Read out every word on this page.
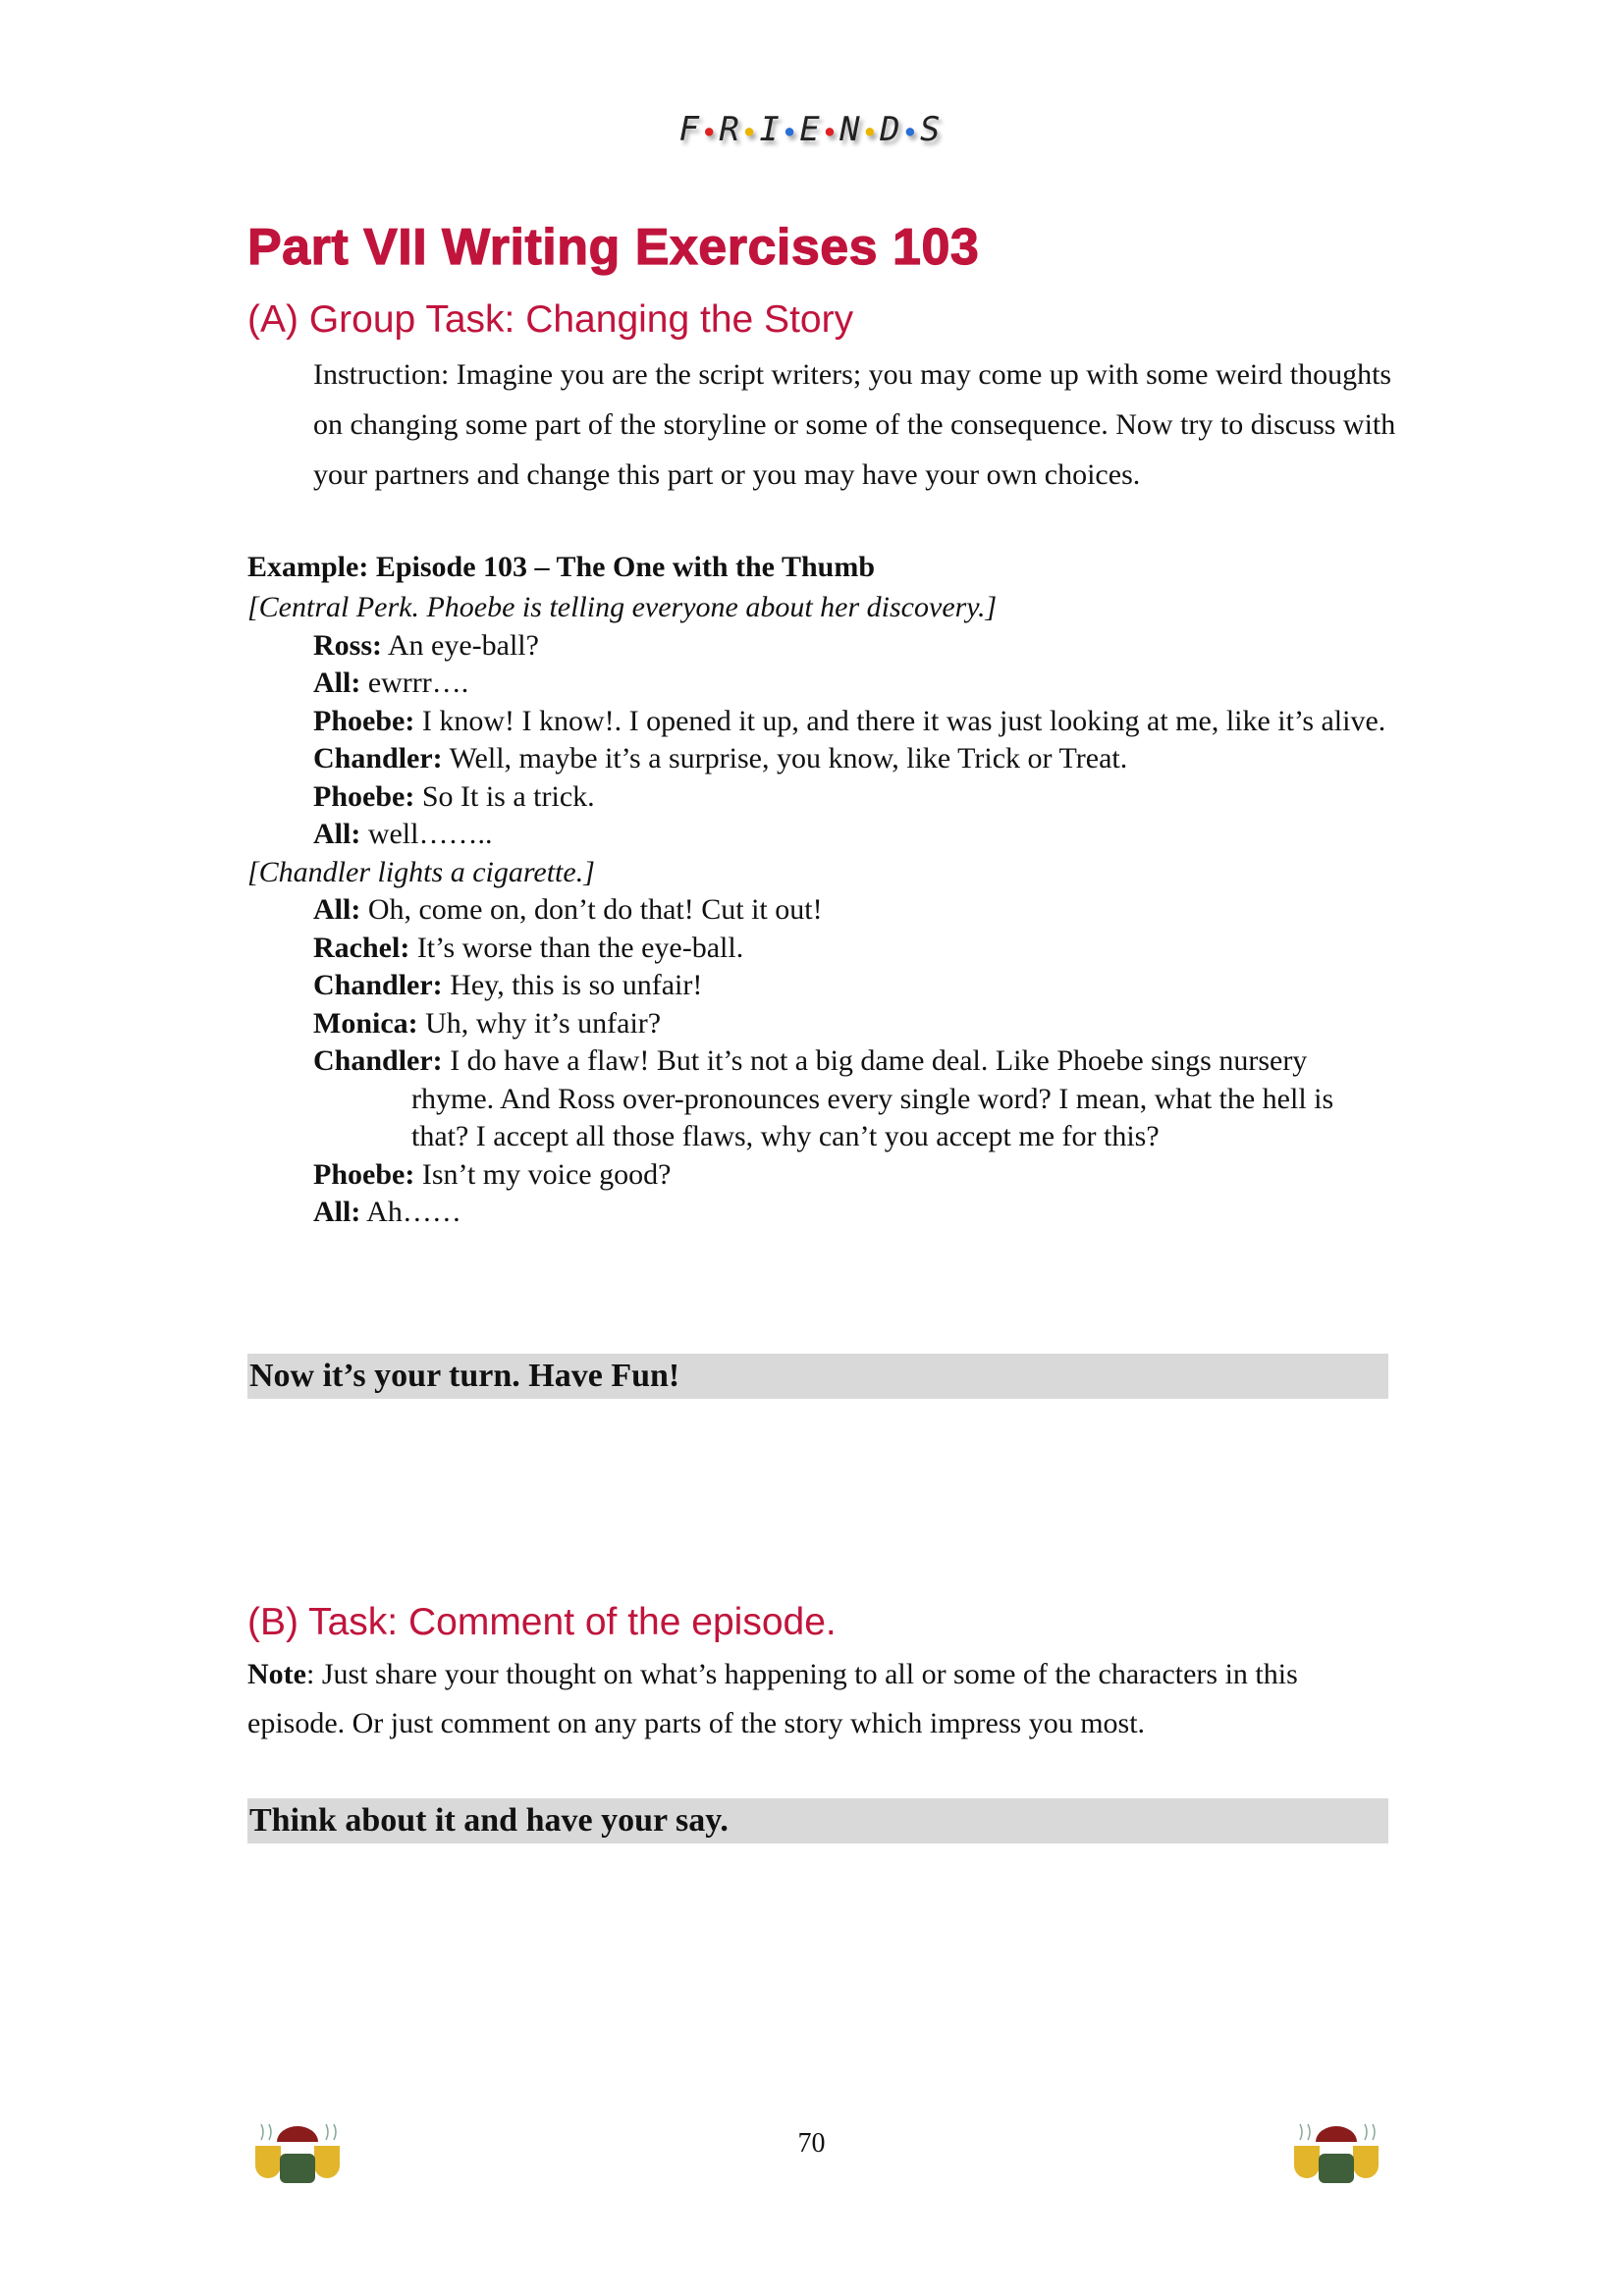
F ●R ●I ●E ●N ●D ●S
Part VII Writing Exercises 103
(A) Group Task: Changing the Story
Instruction: Imagine you are the script writers; you may come up with some weird thoughts on changing some part of the storyline or some of the consequence. Now try to discuss with your partners and change this part or you may have your own choices.
Example: Episode 103 – The One with the Thumb
[Central Perk. Phoebe is telling everyone about her discovery.]
Ross: An eye-ball?
All: ewrrr….
Phoebe: I know! I know!. I opened it up, and there it was just looking at me, like it’s alive.
Chandler: Well, maybe it’s a surprise, you know, like Trick or Treat.
Phoebe: So It is a trick.
All: well……..
[Chandler lights a cigarette.]
All: Oh, come on, don’t do that! Cut it out!
Rachel: It’s worse than the eye-ball.
Chandler: Hey, this is so unfair!
Monica: Uh, why it’s unfair?
Chandler: I do have a flaw! But it’s not a big dame deal. Like Phoebe sings nursery rhyme. And Ross over-pronounces every single word? I mean, what the hell is that? I accept all those flaws, why can’t you accept me for this?
Phoebe: Isn’t my voice good?
All: Ah……
Now it’s your turn. Have Fun!
(B) Task: Comment of the episode.
Note: Just share your thought on what’s happening to all or some of the characters in this episode. Or just comment on any parts of the story which impress you most.
Think about it and have your say.
70
